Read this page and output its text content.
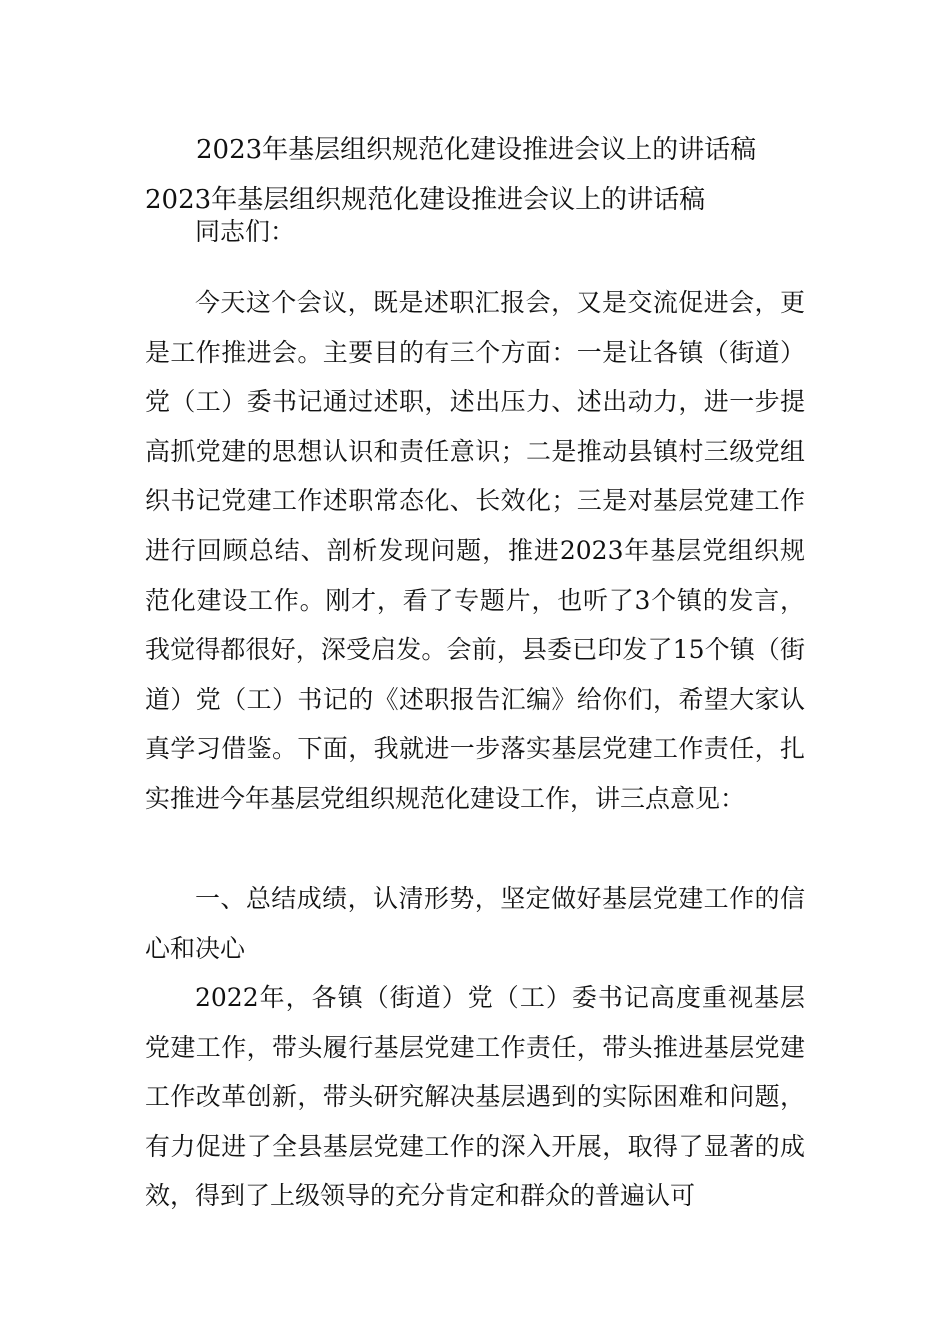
2023年基层组织规范化建设推进会议上的讲话稿
2023年基层组织规范化建设推进会议上的讲话稿

同志们：

今天这个会议，既是述职汇报会，又是交流促进会，更是工作推进会。主要目的有三个方面：一是让各镇（街道）党（工）委书记通过述职，述出压力、述出动力，进一步提高抓党建的思想认识和责任意识；二是推动县镇村三级党组织书记党建工作述职常态化、长效化；三是对基层党建工作进行回顾总结、剖析发现问题，推进2023年基层党组织规范化建设工作。刚才，看了专题片，也听了3个镇的发言，我觉得都很好，深受启发。会前，县委已印发了15个镇（街道）党（工）书记的《述职报告汇编》给你们，希望大家认真学习借鉴。下面，我就进一步落实基层党建工作责任，扎实推进今年基层党组织规范化建设工作，讲三点意见：

一、总结成绩，认清形势，坚定做好基层党建工作的信心和决心

2022年，各镇（街道）党（工）委书记高度重视基层党建工作，带头履行基层党建工作责任，带头推进基层党建工作改革创新，带头研究解决基层遇到的实际困难和问题，有力促进了全县基层党建工作的深入开展，取得了显著的成效，得到了上级领导的充分肯定和群众的普遍认可
